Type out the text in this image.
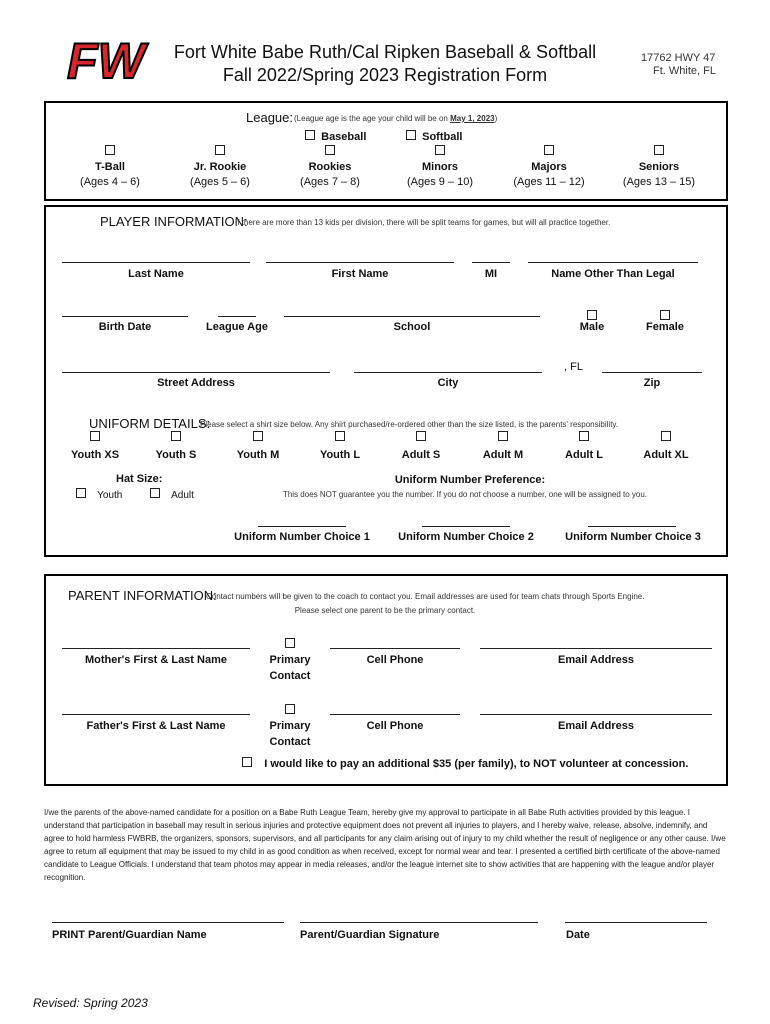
FW	Fort White Babe Ruth/Cal Ripken Baseball & Softball
Fall 2022/Spring 2023 Registration Form
17762 HWY 47
Ft. White, FL
League: (League age is the age your child will be on May 1, 2023)
Baseball	Softball
T-Ball
(Ages 4 – 6)
Jr. Rookie
(Ages 5 – 6)
Rookies
(Ages 7 – 8)
Minors
(Ages 9 – 10)
Majors
(Ages 11 – 12)
Seniors
(Ages 13 – 15)
PLAYER INFORMATION:
If there are more than 13 kids per division, there will be split teams for games, but will all practice together.
Last Name	First Name	MI	Name Other Than Legal
Birth Date	League Age	School	Male	Female
, FL
Street Address	City	Zip
UNIFORM DETAILS:
Please select a shirt size below. Any shirt purchased/re-ordered other than the size listed, is the parents' responsibility.
Youth XS	Youth S	Youth M	Youth L	Adult S	Adult M	Adult L	Adult XL
Hat Size:
Youth	Adult
Uniform Number Preference:
This does NOT guarantee you the number. If you do not choose a number, one will be assigned to you.
Uniform Number Choice 1	Uniform Number Choice 2	Uniform Number Choice 3
PARENT INFORMATION:
Contact numbers will be given to the coach to contact you. Email addresses are used for team chats through Sports Engine.
Please select one parent to be the primary contact.
Mother's First & Last Name	Primary
Contact
Cell Phone	Email Address
Father's First & Last Name	Primary
Contact
Cell Phone	Email Address
I would like to pay an additional $35 (per family), to NOT volunteer at concession.
I/we the parents of the above-named candidate for a position on a Babe Ruth League Team, hereby give my approval to participate in all Babe Ruth activities provided by this league. I understand that participation in baseball may result in serious injuries and protective equipment does not prevent all injuries to players, and I hereby waive, release, absolve, indemnify, and agree to hold harmless FWBRB, the organizers, sponsors, supervisors, and all participants for any claim arising out of injury to my child whether the result of negligence or any other cause. I/we agree to return all equipment that may be issued to my child in as good condition as when received, except for normal wear and tear. I presented a certified birth certificate of the above-named candidate to League Officials. I understand that team photos may appear in media releases, and/or the league internet site to show activities that are happening with the league and/or player recognition.
PRINT Parent/Guardian Name	Parent/Guardian Signature	Date
Revised: Spring 2023
